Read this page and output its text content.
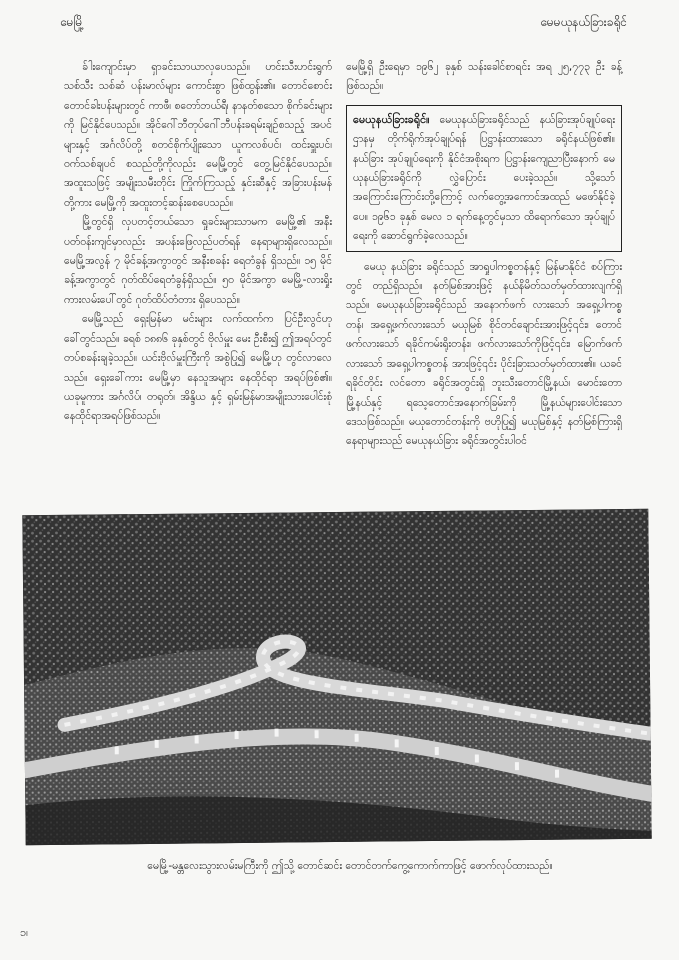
မေမြို့	မေမယုနယ်ခြားခရိုင်

ခ်ါးကျောင်းမှာ ရှာခင်းသာယာလှပေသည်။ ဟင်းသီးဟင်းရွက်သစ်သီး သစ်ဆံ ပန်းမာလ်များ ကောင်းစွာ ဖြစ်ထွန်း၏။ တောင်စောင်း တောင်ခါးပန်းများတွင် ကာဖီ၊ စတော်ဘယ်ရီ၊ နာနတ်စသော စိုက်ခင်းများကို မြင်နိုင်ပေသည်။ အိုင်ဂေါ်ဘီတုပ်ဂေါ်ဘီပန်းခရမ်းချဉ်စသည့် အပင်များနှင့် အင်္ဂလိပ်တို့ စတင်စိုက်ပျိုးသော ယူကလစ်ပင်၊ ထင်းရှူးပင်၊ ဝက်သစ်ချပင် စသည်တို့ကိုလည်း မေမြို့တွင် တွေ့မြင်နိုင်ပေသည်။ အထူးသဖြင့် အမျိုးသမီးတိုင်း ကြိုက်ကြသည့် နှင်းဆီနှင့် အခြားပန်းမန်တို့ကား မေမြို့ကို အထူးတင့်ဆန်းစေပေသည်။

မြို့တွင်ရှိ လှပတင့်တယ်သော ရှုခင်းများသာမက မေမြို့၏ အနီးပတ်ဝန်းကျင်မှာလည်း အပန်းဖြေလည်ပတ်ရန် နေရာများရှိလေသည်။ မေမြို့အလွန် ၇ မိုင်ခန့်အကွာတွင် အနီးစခန်း ရေတံခွန် ရှိသည်။ ၁၅ မိုင်ခန့်အကွာတွင် ဂုတ်ထိပ်ရေတံခွန်ရှိသည်။ ၅၀ မိုင်အကွာ မေမြို့-လားရှိုးကားလမ်းပေါ်တွင် ဂုတ်ထိပ်တံတား ရှိပေသည်။

မေမြို့သည် ရှေးမြန်မာ မင်းများ လက်ထက်က ပြင်ဦးလွင်ဟု ခေါ်တွင်သည်။ ခရစ် ၁၈၈၆ ခုနှစ်တွင် ဗိုလ်မှူး မေး ဦးစီး၍ ဤအရပ်တွင် တပ်စခန်းချခဲ့သည်။ ယင်းဗိုလ်မှူးကြီးကို အစွဲပြု၍ မေမြို့ဟု တွင်လာလေသည်။ ရှေးခေါ်ကား မေမြို့မှာ နေသူအများ နေထိုင်ရာ အရပ်ဖြစ်၏။ ယခုမူကား အင်္ဂလိပ်၊ တရုတ်၊ အိန္ဒိယ နှင့် ရှမ်းမြန်မာအမျိုးသားပေါင်းစုံ နေထိုင်ရာအရပ်ဖြစ်သည်။

မေမြို့ရှိ ဦးရေမှာ ၁၉၆၂ ခုနှစ် သန်းခေါင်စာရင်း အရ ၂၅,၇၇၃ ဦး ခန့်ဖြစ်သည်။

မေယုနယ်ခြားခရိုင်။ မေယုနယ်ခြားခရိုင်သည် နယ်ခြားအုပ်ချုပ်ရေးဌာနမှ တိုက်ရိုက်အုပ်ချုပ်ရန် ပြဋ္ဌာန်းထားသော ခရိုင်နယ်ဖြစ်၏။ နယ်ခြား အုပ်ချုပ်ရေးကို နိုင်ငံအစိုးရက ပြဋ္ဌာန်းကျေညာပြီးနောက် မေယုနယ်ခြားခရိုင်ကို လွှဲပြောင်း ပေးခဲ့သည်။ သို့သော် အကြောင်းကြောင်းတို့ကြောင့် လက်တွေ့အကောင်အထည် မဖော်နိုင်ခဲ့ပေ။ ၁၉၆၁ ခုနှစ် မေလ ၁ ရက်နေ့တွင်မှသာ ထိရောက်သော အုပ်ချုပ်ရေးကို ဆောင်ရွက်ခဲ့လေသည်။

မေယု နယ်ခြား ခရိုင်သည် အာရှုပါကစ္စတန်နှင့် မြန်မာနိုင်ငံ စပ်ကြားတွင် တည်ရှိသည်။ နတ်မြစ်အားဖြင့် နယ်နိမိတ်သတ်မှတ်ထားလျက်ရှိသည်။ မေယုနယ်ခြားခရိုင်သည် အနောက်ဖက် လားသော် အရှေ့ပါကစ္စတန်၊ အရှေ့ဖက်လားသော် မယုမြစ် စိုင်တင်ချောင်းအားဖြင့်၎င်း၊ တောင်ဖက်လားသော် ရခိုင်ကမ်းရိုးတန်း၊ ဖက်လားသော်ကိုဖြင့်၎င်း၊ မြောက်ဖက်လားသော် အရှေ့ပါကစ္စတန် အားဖြင့်၎င်း ပိုင်းခြားသတ်မှတ်ထား၏။ ယခင်ရခိုင်တိုင်း လင်တော ခရိုင်အတွင်းရှိ ဘူးသီးတောင်မြို့နယ်၊ မောင်းတောမြို့နယ်နှင့် ရသေ့တောင်အနောက်ခြမ်းကို မြို့နယ်များပေါင်းသော ဒေသဖြစ်သည်။ မယုတောင်တန်းကို ဗဟိုပြု၍ မယုမြစ်နှင့် နတ်မြစ်ကြားရှိနေရာများသည် မေယုနယ်ခြား ခရိုင်အတွင်းပါဝင်

မေမြို့-မန္တလေးသွားလမ်းမကြီးကို ဤသို့ တောင်ဆင်း တောင်တက်ကွေ့ကောက်ကာဖြင့် ဖောက်လုပ်ထားသည်။
၁၊
